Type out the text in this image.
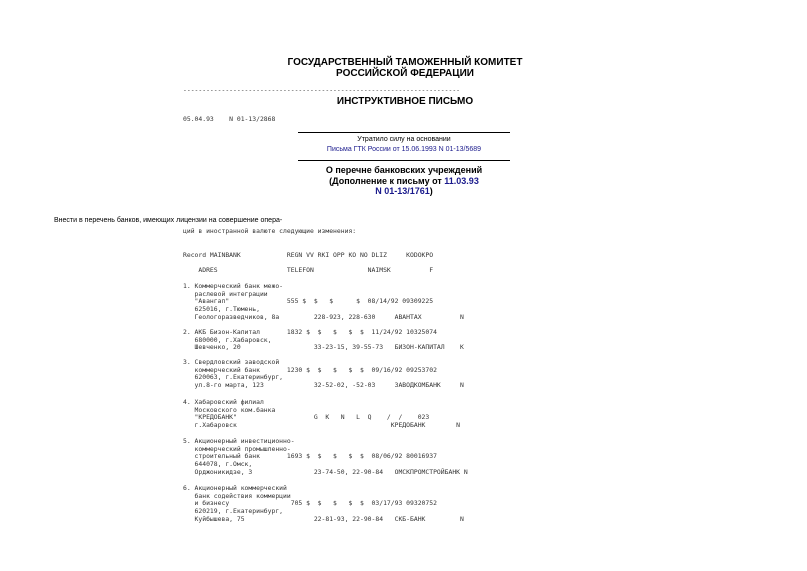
ГОСУДАРСТВЕННЫЙ ТАМОЖЕННЫЙ КОМИТЕТ
РОССИЙСКОЙ ФЕДЕРАЦИИ
------------------------------------------------------------------------
ИНСТРУКТИВНОЕ ПИСЬМО
05.04.93    N 01-13/2868
Утратило силу на основании
Письма ГТК России от 15.06.1993 N 01-13/5689
О перечне банковских учреждений
(Дополнение к письму от 11.03.93
N 01-13/1761)
Внести в перечень банков, имеющих лицензии на совершение опера-
ций в иностранной валюте следующие изменения:
Record MAINBANK            REGN VV RKI OPP KO NO DLIZ     KODOKPO
ADRES                  TELEFON              NAIMSK          F
1. Коммерческий банк межо-
раслевой интеграции
"Авангап"               555 $  $   $      $  08/14/92 09309225
625016, г.Тюмень,
Геологоразведчиков, 8а         228-923, 228-630     АВАНТАХ          N
2. АКБ Бизон-Капитал       1832 $  $   $   $  $  11/24/92 10325074
680000, г.Хабаровск,
Шевченко, 20                   33-23-15, 39-55-73   БИЗОН-КАПИТАЛ    К
3. Свердловский заводской
коммерческий банк       1230 $  $   $   $  $  09/16/92 09253702
620063, г.Екатеринбург,
ул.8-го марта, 123             32-52-02, -52-03     ЗАВОДКОМБАНК     N
4. Хабаровский филиал
Московского ком.банка
"КРЕДОБАНК"                    G  K   N   L  Q    /  /    023
г.Хабаровск                                        КРЕДОБАНК        N
5. Акционерный инвестиционно-
коммерческий промышленно-
строительный банк       1693 $  $   $   $  $  08/06/92 80016937
644078, г.Омск,
Орджоникидзе, 3                23-74-50, 22-90-84   ОМСКПРОМСТРОЙБАНК N
6. Акционерный коммерческий
банк содействия коммерции
и бизнесу                705 $  $   $   $  $  03/17/93 09320752
620219, г.Екатеринбург,
Куйбышева, 75                  22-81-93, 22-90-84   СКБ-БАНК         N
